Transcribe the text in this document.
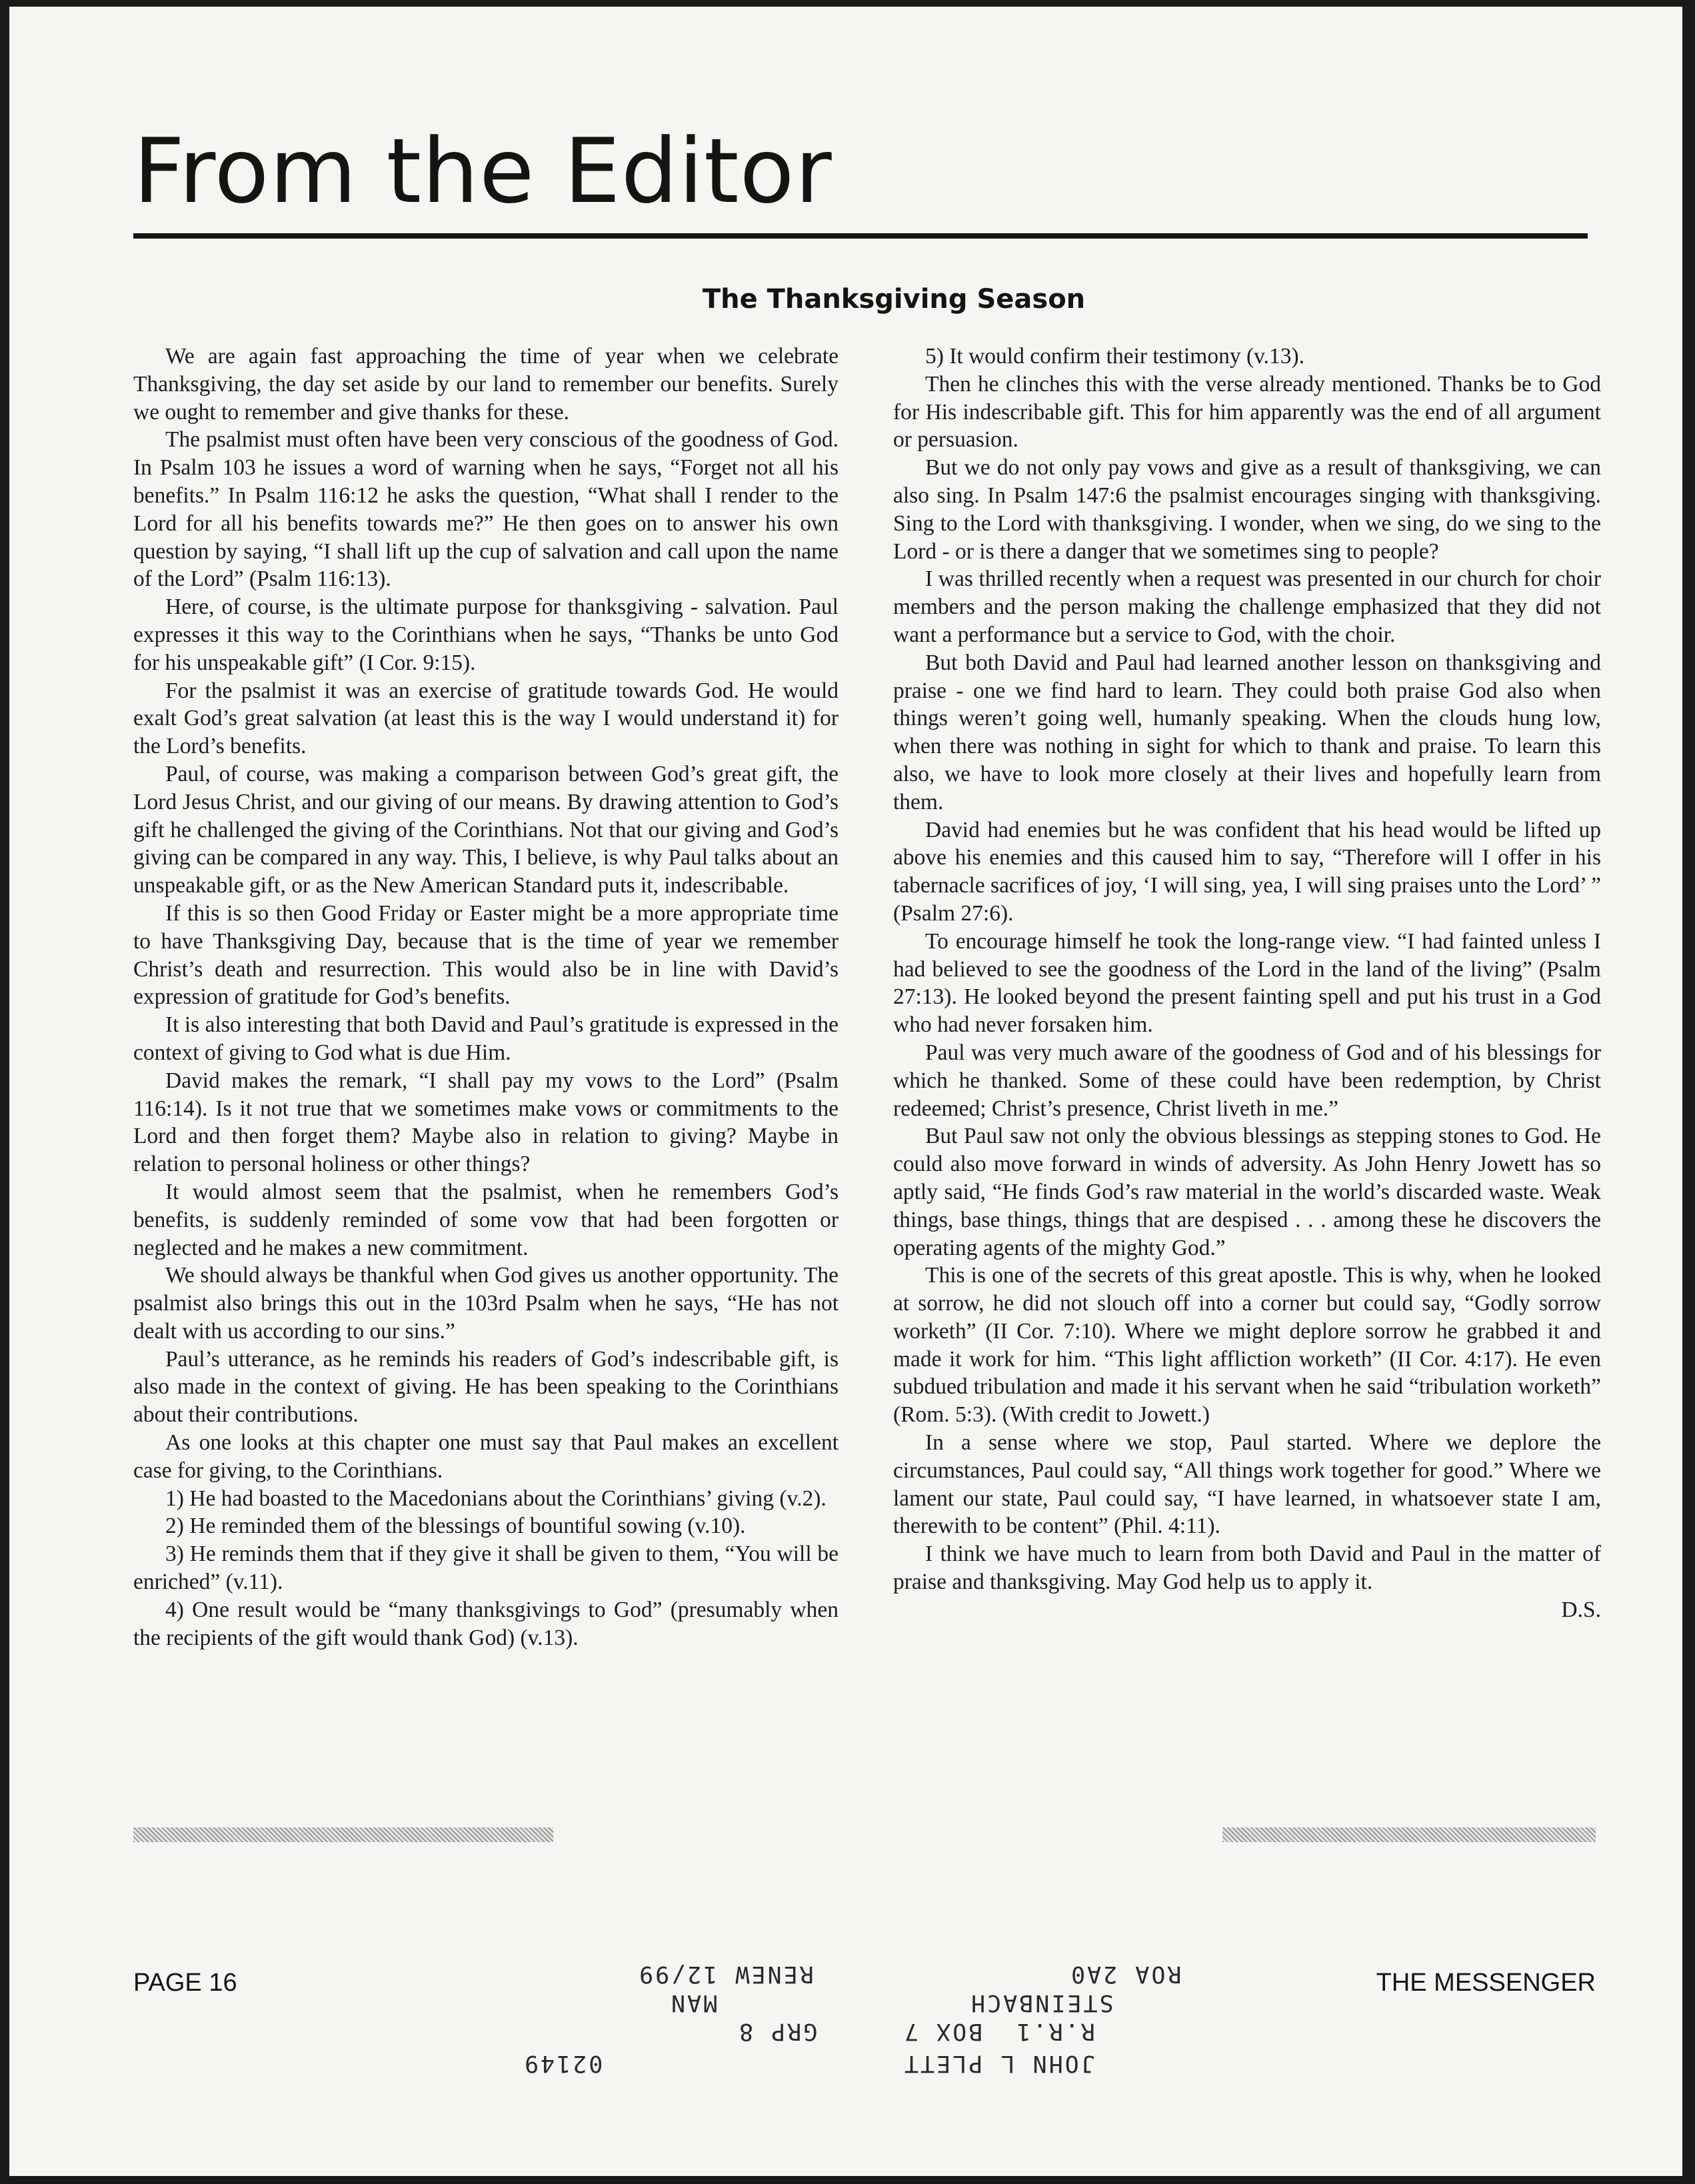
From the Editor
The Thanksgiving Season

We are again fast approaching the time of year when we celebrate Thanksgiving, the day set aside by our land to remember our benefits. Surely we ought to remember and give thanks for these.

The psalmist must often have been very conscious of the goodness of God. In Psalm 103 he issues a word of warning when he says, “Forget not all his benefits.” In Psalm 116:12 he asks the question, “What shall I render to the Lord for all his benefits towards me?” He then goes on to answer his own question by saying, “I shall lift up the cup of salvation and call upon the name of the Lord” (Psalm 116:13).

Here, of course, is the ultimate purpose for thanksgiving - salvation. Paul expresses it this way to the Corinthians when he says, “Thanks be unto God for his unspeakable gift” (I Cor. 9:15).

For the psalmist it was an exercise of gratitude towards God. He would exalt God’s great salvation (at least this is the way I would understand it) for the Lord’s benefits.

Paul, of course, was making a comparison between God’s great gift, the Lord Jesus Christ, and our giving of our means. By drawing attention to God’s gift he challenged the giving of the Corinthians. Not that our giving and God’s giving can be compared in any way. This, I believe, is why Paul talks about an unspeakable gift, or as the New American Standard puts it, indescribable.

If this is so then Good Friday or Easter might be a more appropriate time to have Thanksgiving Day, because that is the time of year we remember Christ’s death and resurrection. This would also be in line with David’s expression of gratitude for God’s benefits.

It is also interesting that both David and Paul’s gratitude is expressed in the context of giving to God what is due Him.

David makes the remark, “I shall pay my vows to the Lord” (Psalm 116:14). Is it not true that we sometimes make vows or commitments to the Lord and then forget them? Maybe also in relation to giving? Maybe in relation to personal holiness or other things?

It would almost seem that the psalmist, when he remembers God’s benefits, is suddenly reminded of some vow that had been forgotten or neglected and he makes a new commitment.

We should always be thankful when God gives us another opportunity. The psalmist also brings this out in the 103rd Psalm when he says, “He has not dealt with us according to our sins.”

Paul’s utterance, as he reminds his readers of God’s indescribable gift, is also made in the context of giving. He has been speaking to the Corinthians about their contributions.

As one looks at this chapter one must say that Paul makes an excellent case for giving, to the Corinthians.

1) He had boasted to the Macedonians about the Corinthians’ giving (v.2).

2) He reminded them of the blessings of bountiful sowing (v.10).

3) He reminds them that if they give it shall be given to them, “You will be enriched” (v.11).

4) One result would be “many thanksgivings to God” (presumably when the recipients of the gift would thank God) (v.13).

5) It would confirm their testimony (v.13).

Then he clinches this with the verse already mentioned. Thanks be to God for His indescribable gift. This for him apparently was the end of all argument or persuasion.

But we do not only pay vows and give as a result of thanksgiving, we can also sing. In Psalm 147:6 the psalmist encourages singing with thanksgiving. Sing to the Lord with thanksgiving. I wonder, when we sing, do we sing to the Lord - or is there a danger that we sometimes sing to people?

I was thrilled recently when a request was presented in our church for choir members and the person making the challenge emphasized that they did not want a performance but a service to God, with the choir.

But both David and Paul had learned another lesson on thanksgiving and praise - one we find hard to learn. They could both praise God also when things weren’t going well, humanly speaking. When the clouds hung low, when there was nothing in sight for which to thank and praise. To learn this also, we have to look more closely at their lives and hopefully learn from them.

David had enemies but he was confident that his head would be lifted up above his enemies and this caused him to say, “Therefore will I offer in his tabernacle sacrifices of joy, ‘I will sing, yea, I will sing praises unto the Lord’ ” (Psalm 27:6).

To encourage himself he took the long-range view. “I had fainted unless I had believed to see the goodness of the Lord in the land of the living” (Psalm 27:13). He looked beyond the present fainting spell and put his trust in a God who had never forsaken him.

Paul was very much aware of the goodness of God and of his blessings for which he thanked. Some of these could have been redemption, by Christ redeemed; Christ’s presence, Christ liveth in me.”

But Paul saw not only the obvious blessings as stepping stones to God. He could also move forward in winds of adversity. As John Henry Jowett has so aptly said, “He finds God’s raw material in the world’s discarded waste. Weak things, base things, things that are despised . . . among these he discovers the operating agents of the mighty God.”

This is one of the secrets of this great apostle. This is why, when he looked at sorrow, he did not slouch off into a corner but could say, “Godly sorrow worketh” (II Cor. 7:10). Where we might deplore sorrow he grabbed it and made it work for him. “This light affliction worketh” (II Cor. 4:17). He even subdued tribulation and made it his servant when he said “tribulation worketh” (Rom. 5:3). (With credit to Jowett.)

In a sense where we stop, Paul started. Where we deplore the circumstances, Paul could say, “All things work together for good.” Where we lament our state, Paul could say, “I have learned, in whatsoever state I am, therewith to be content” (Phil. 4:11).

I think we have much to learn from both David and Paul in the matter of praise and thanksgiving. May God help us to apply it.

D.S.

PAGE 16	THE MESSENGER
ROA 2A0
RENEW 12/99
STEINBACH
MAN
R.R.1  BOX 7
GRP 8
JOHN L PLETT
02149
